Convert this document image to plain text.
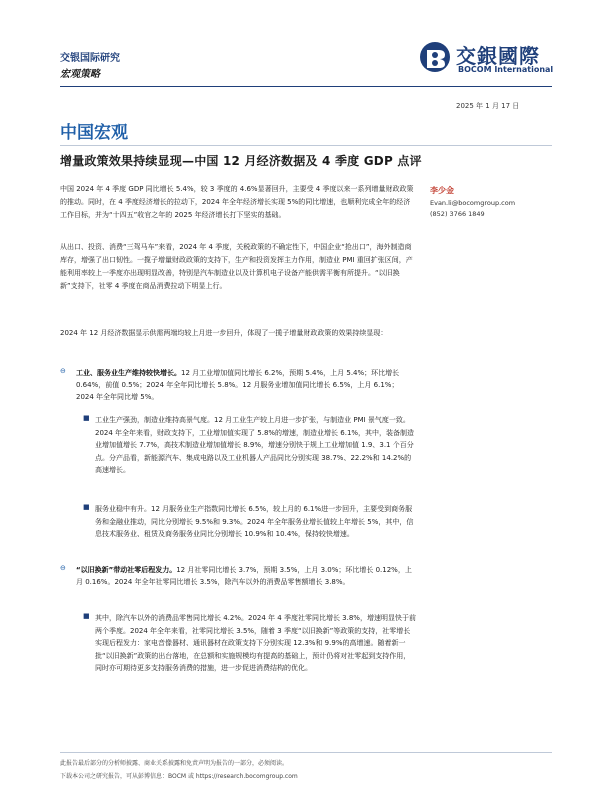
交银国际研究
宏观策略
交銀國際
BOCOM International
2025 年 1 月 17 日
中国宏观
增量政策效果持续显现—中国 12 月经济数据及 4 季度 GDP 点评
李少金
Evan.li@bocomgroup.com
(852) 3766 1849
中国 2024 年 4 季度 GDP 同比增长 5.4%，较 3 季度的 4.6%显著回升，主要受 4 季度以来一系列增量财政政策的推动。同时，在 4 季度经济增长的拉动下，2024 年全年经济增长实现 5%的同比增速，也顺利完成全年的经济工作目标，并为“十四五”收官之年的 2025 年经济增长打下坚实的基础。
从出口、投资、消费“三驾马车”来看，2024 年 4 季度，关税政策的不确定性下，中国企业“抢出口”，海外制造商库存，增强了出口韧性。一揽子增量财政政策的支持下，生产和投资发挥主力作用，制造业 PMI 重回扩张区间，产能利用率较上一季度亦出现明显改善，特别是汽车制造业以及计算机电子设备产能供需平衡有所提升。“以旧换新”支持下，社零 4 季度在商品消费拉动下明显上行。
2024 年 12 月经济数据显示供需两端均较上月进一步回升，体现了一揽子增量财政政策的效果持续显现：
⊖ 工业、服务业生产维持较快增长。12 月工业增加值同比增长 6.2%，预期 5.4%，上月 5.4%；环比增长 0.64%，前值 0.5%；2024 年全年同比增长 5.8%。12 月服务业增加值同比增长 6.5%，上月 6.1%；2024 年全年同比增 5%。
■ 工业生产强劲，制造业维持高景气度。12 月工业生产较上月进一步扩张，与制造业 PMI 景气度一致。2024 年全年来看，财政支持下，工业增加值实现了 5.8%的增速，制造业增长 6.1%，其中，装备制造业增加值增长 7.7%，高技术制造业增加值增长 8.9%，增速分别快于规上工业增加值 1.9、3.1 个百分点。分产品看，新能源汽车、集成电路以及工业机器人产品同比分别实现 38.7%、22.2%和 14.2%的高速增长。
■ 服务业稳中有升。12 月服务业生产指数同比增长 6.5%，较上月的 6.1%进一步回升，主要受到商务服务和金融业推动，同比分别增长 9.5%和 9.3%。2024 年全年服务业增长值较上年增长 5%，其中，信息技术服务业、租赁及商务服务业同比分别增长 10.9%和 10.4%，保持较快增速。
⊖ “以旧换新”带动社零后程发力。12 月社零同比增长 3.7%，预期 3.5%，上月 3.0%；环比增长 0.12%，上月 0.16%。2024 年全年社零同比增长 3.5%，除汽车以外的消费品零售额增长 3.8%。
■ 其中，除汽车以外的消费品零售同比增长 4.2%。2024 年 4 季度社零同比增长 3.8%，增速明显快于前两个季度。2024 年全年来看，社零同比增长 3.5%，随着 3 季度“以旧换新”等政策的支持，社零增长实现后程发力：家电音像器材、通讯器材在政策支持下分别实现 12.3%和 9.9%的高增速。随着新一批“以旧换新”政策的出台落地，在总额和实施规模均有提高的基础上，预计仍将对社零起到支持作用，同时亦可期待更多支持服务消费的措施，进一步促进消费结构的优化。
此报告最后部分的分析师披露、商业关系披露和免责声明为报告的一部分，必须阅读。
下载本公司之研究报告，可从彭博信息：BOCM 或 https://research.bocomgroup.com
